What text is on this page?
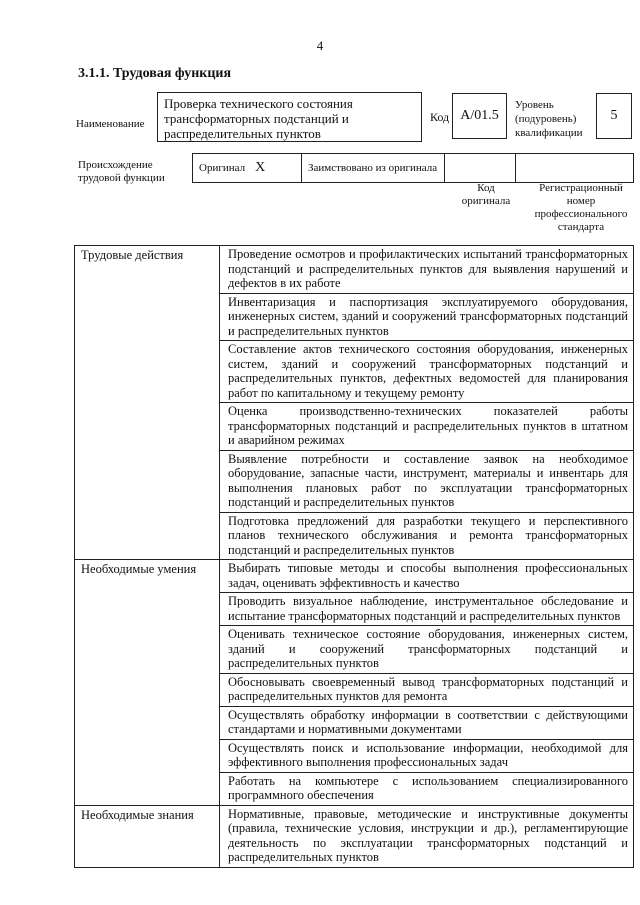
4
3.1.1. Трудовая функция
Наименование
Проверка технического состояния трансформаторных подстанций и распределительных пунктов
Код A/01.5
Уровень
(подуровень)
квалификации
5
Происхождение
трудовой функции
Оригинал X	Заимствовано из оригинала		
Код оригинала
Регистрационный номер профессионального стандарта
Трудовые действия	Проведение осмотров и профилактических испытаний трансформаторных подстанций и распределительных пунктов для выявления нарушений и дефектов в их работе
	Инвентаризация и паспортизация эксплуатируемого оборудования, инженерных систем, зданий и сооружений трансформаторных подстанций и распределительных пунктов
	Составление актов технического состояния оборудования, инженерных систем, зданий и сооружений трансформаторных подстанций и распределительных пунктов, дефектных ведомостей для планирования работ по капитальному и текущему ремонту
	Оценка производственно-технических показателей работы трансформаторных подстанций и распределительных пунктов в штатном и аварийном режимах
	Выявление потребности и составление заявок на необходимое оборудование, запасные части, инструмент, материалы и инвентарь для выполнения плановых работ по эксплуатации трансформаторных подстанций и распределительных пунктов
	Подготовка предложений для разработки текущего и перспективного планов технического обслуживания и ремонта трансформаторных подстанций и распределительных пунктов
Необходимые умения	Выбирать типовые методы и способы выполнения профессиональных задач, оценивать эффективность и качество
	Проводить визуальное наблюдение, инструментальное обследование и испытание трансформаторных подстанций и распределительных пунктов
	Оценивать техническое состояние оборудования, инженерных систем, зданий и сооружений трансформаторных подстанций и распределительных пунктов
	Обосновывать своевременный вывод трансформаторных подстанций и распределительных пунктов для ремонта
	Осуществлять обработку информации в соответствии с действующими стандартами и нормативными документами
	Осуществлять поиск и использование информации, необходимой для эффективного выполнения профессиональных задач
	Работать на компьютере с использованием специализированного программного обеспечения
Необходимые знания	Нормативные, правовые, методические и инструктивные документы (правила, технические условия, инструкции и др.), регламентирующие деятельность по эксплуатации трансформаторных подстанций и распределительных пунктов
